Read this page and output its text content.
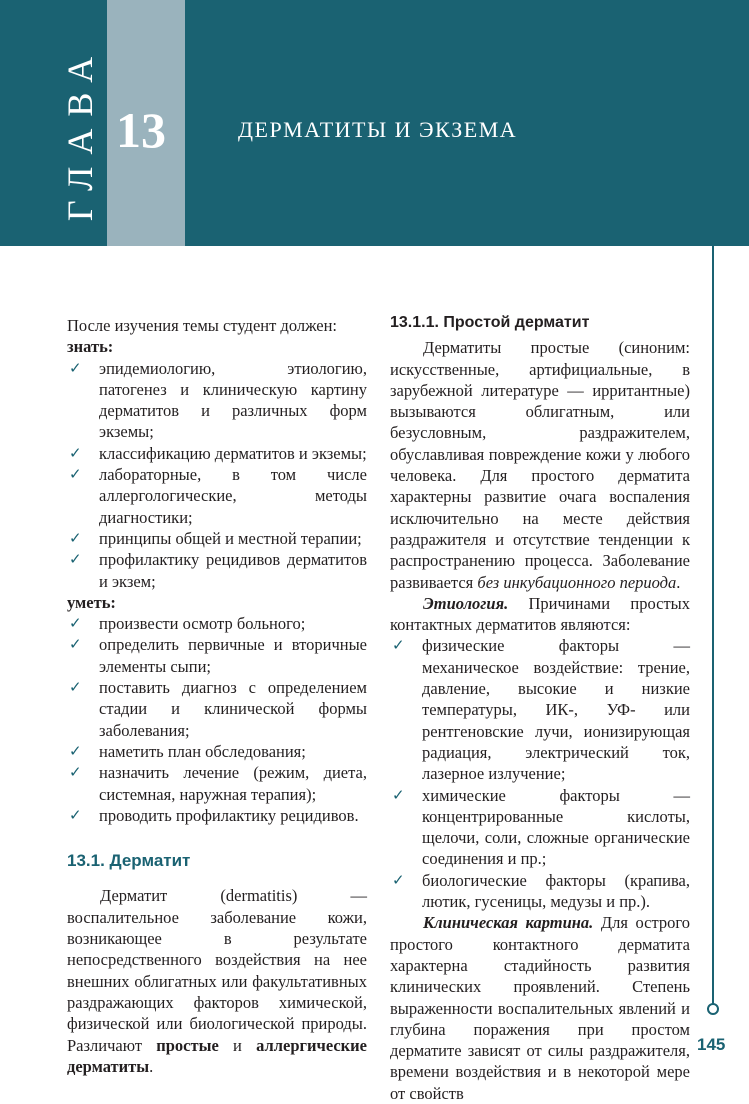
ГЛАВА 13	ДЕРМАТИТЫ И ЭКЗЕМА

После изучения темы студент должен:

знать:

✓ эпидемиологию, этиологию, патогенез и клиническую картину дерматитов и различных форм экземы;
✓ классификацию дерматитов и экземы;
✓ лабораторные, в том числе аллергологические, методы диагностики;
✓ принципы общей и местной терапии;
✓ профилактику рецидивов дерматитов и экзем;

уметь:

✓ произвести осмотр больного;
✓ определить первичные и вторичные элементы сыпи;
✓ поставить диагноз с определением стадии и клинической формы заболевания;
✓ наметить план обследования;
✓ назначить лечение (режим, диета, системная, наружная терапия);
✓ проводить профилактику рецидивов.

13.1. Дерматит

Дерматит (dermatitis) — воспалительное заболевание кожи, возникающее в результате непосредственного воздействия на нее внешних облигатных или факультативных раздражающих факторов химической, физической или биологической природы. Различают простые и аллергические дерматиты.

13.1.1. Простой дерматит

Дерматиты простые (синоним: искусственные, артифициальные, в зарубежной литературе — ирритантные) вызываются облигатным, или безусловным, раздражителем, обуславливая повреждение кожи у любого человека. Для простого дерматита характерны развитие очага воспаления исключительно на месте действия раздражителя и отсутствие тенденции к распространению процесса. Заболевание развивается без инкубационного периода.

Этиология. Причинами простых контактных дерматитов являются:

✓ физические факторы — механическое воздействие: трение, давление, высокие и низкие температуры, ИК-, УФ- или рентгеновские лучи, ионизирующая радиация, электрический ток, лазерное излучение;
✓ химические факторы — концентрированные кислоты, щелочи, соли, сложные органические соединения и пр.;
✓ биологические факторы (крапива, лютик, гусеницы, медузы и пр.).

Клиническая картина. Для острого простого контактного дерматита характерна стадийность развития клинических проявлений. Степень выраженности воспалительных явлений и глубина поражения при простом дерматите зависят от силы раздражителя, времени воздействия и в некоторой мере от свойств

145
